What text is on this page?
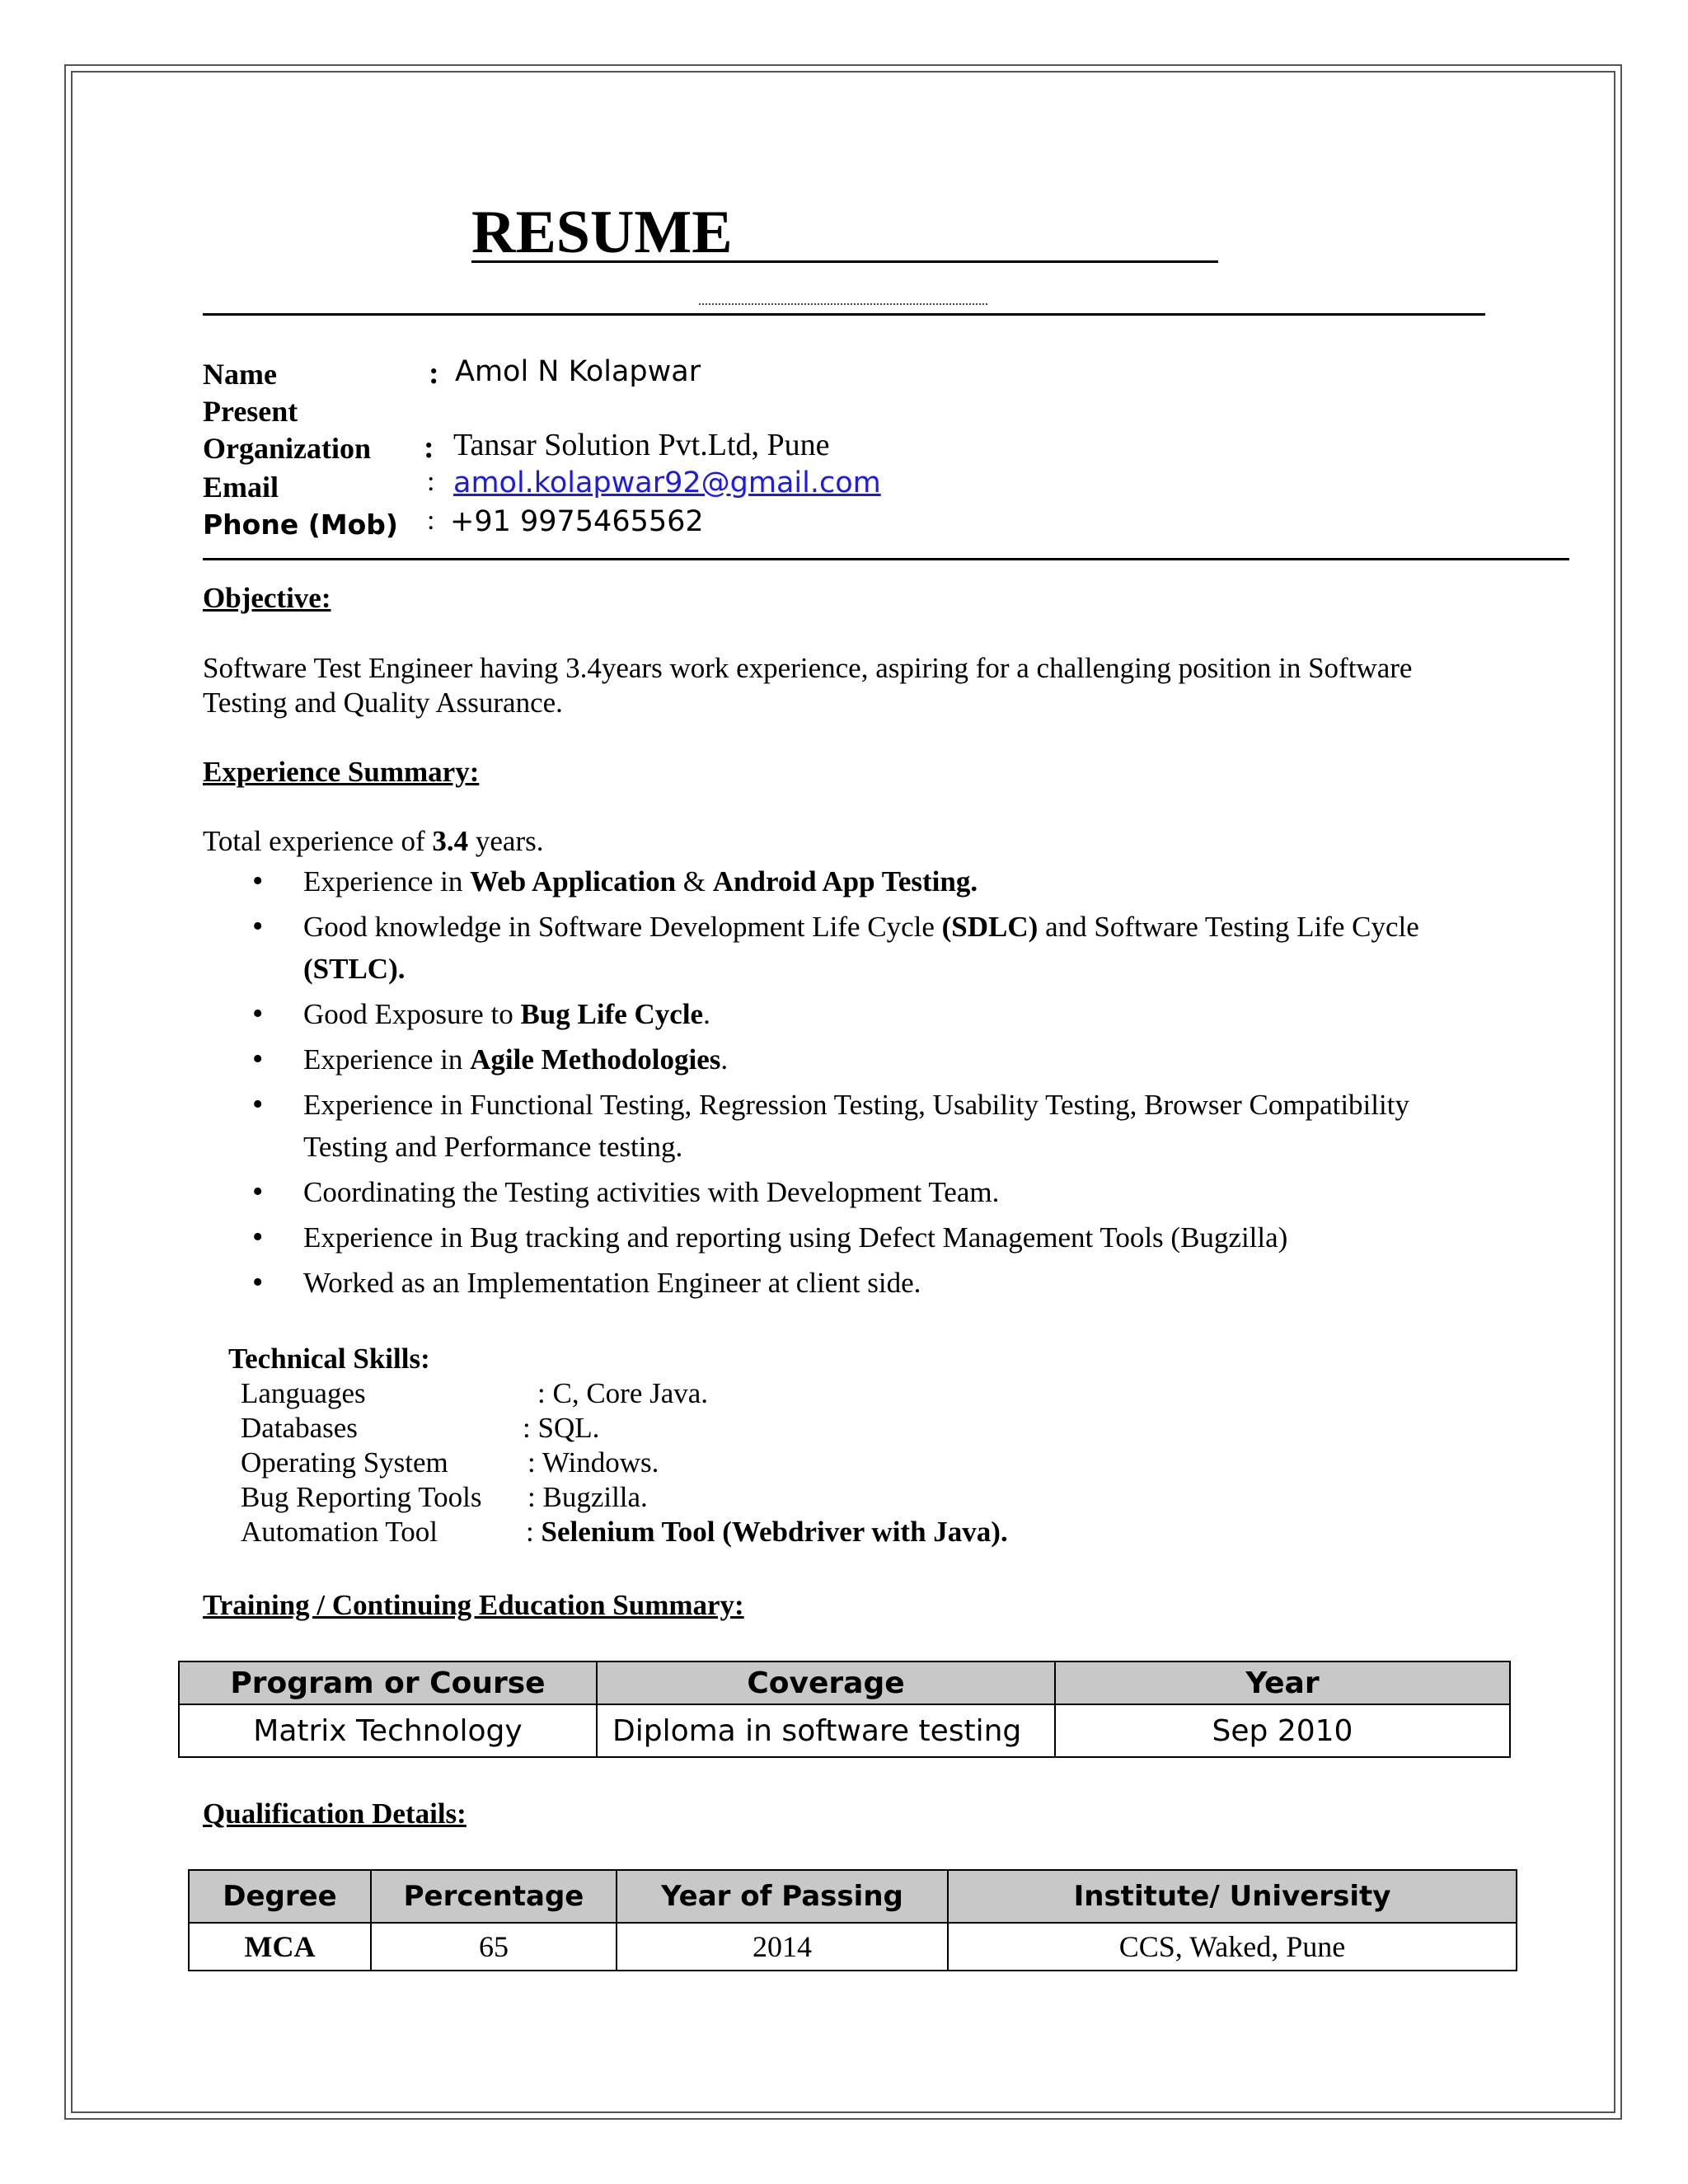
RESUME
Name	: Amol N Kolapwar
Present
Organization : Tansar Solution Pvt.Ltd, Pune
Email	: amol.kolapwar92@gmail.com
Phone (Mob) : +91 9975465562
Objective:
Software Test Engineer having 3.4years work experience, aspiring for a challenging position in Software
Testing and Quality Assurance.
Experience Summary:
Total experience of 3.4 years.
• Experience in Web Application & Android App Testing.
• Good knowledge in Software Development Life Cycle (SDLC) and Software Testing Life Cycle
(STLC).
• Good Exposure to Bug Life Cycle.
• Experience in Agile Methodologies.
• Experience in Functional Testing, Regression Testing, Usability Testing, Browser Compatibility
Testing and Performance testing.
• Coordinating the Testing activities with Development Team.
• Experience in Bug tracking and reporting using Defect Management Tools (Bugzilla)
• Worked as an Implementation Engineer at client side.
Technical Skills:
Languages	: C, Core Java.
Databases	: SQL.
Operating System	: Windows.
Bug Reporting Tools : Bugzilla.
Automation Tool	: Selenium Tool (Webdriver with Java).
Training / Continuing Education Summary:
Program or Course	Coverage	Year
Matrix Technology	Diploma in software testing	Sep 2010
Qualification Details:
Degree	Percentage	Year of Passing	Institute/ University
MCA	65	2014	CCS, Waked, Pune
